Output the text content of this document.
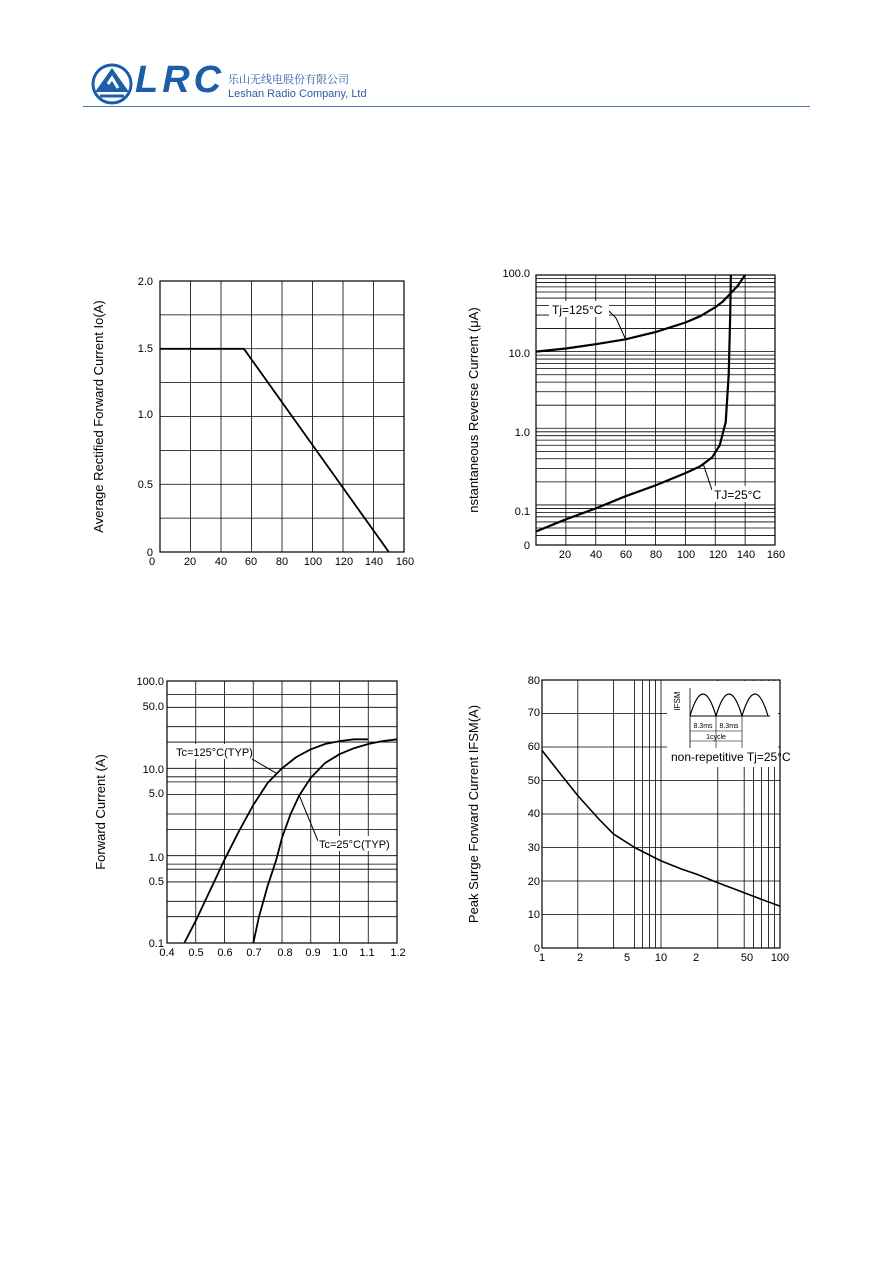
LRC 乐山无线电股份有限公司
Leshan Radio Company, Ltd
0	20 40 60 80 100 120 140 160
0
0.5
1.0
1.5
2.0
Average Rectified Forward Current Io(A)
20 40 60 80 100 120 140 160
0
0.1
1.0
10.0
100.0
nstantaneous Reverse Current (μA)	Tj=125°C
TJ=25°C
0.4 0.5 0.6 0.7 0.8 0.9 1.0 1.1 1.2
0.1
0.5
1.0
5.0
10.0
50.0
100.0
Forward Current (A)
Tc=125°C(TYP)
Tc=25°C(TYP)
1	2	5 10 2	50 100
0
10
20
30
40
50
60
70
80
Peak Surge Forward Current IFSM(A)
IFSM
8.3ms 8.3ms
1cycle
non-repetitive Tj=25°C
